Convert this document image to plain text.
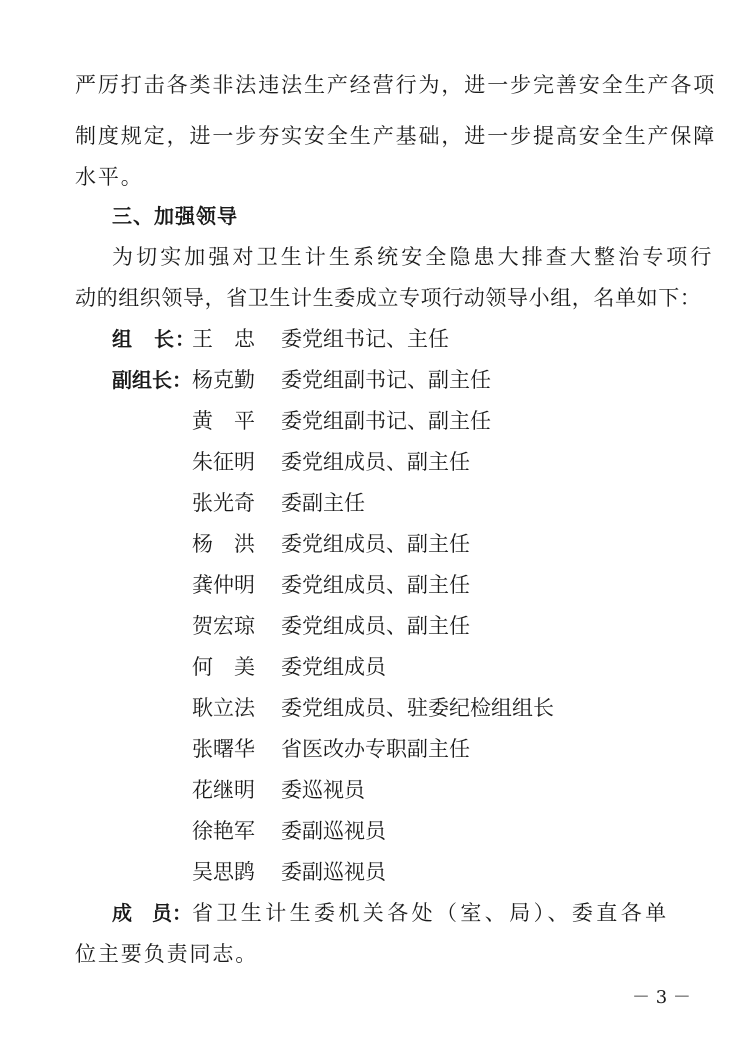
严厉打击各类非法违法生产经营行为，进一步完善安全生产各项
制度规定，进一步夯实安全生产基础，进一步提高安全生产保障
水平。
三、加强领导
为切实加强对卫生计生系统安全隐患大排查大整治专项行
动的组织领导，省卫生计生委成立专项行动领导小组，名单如下：
组　长：
王　忠 委党组书记、主任
副组长： 杨克勤 委党组副书记、副主任
黄　平 委党组副书记、副主任
朱征明 委党组成员、副主任
张光奇 委副主任
杨　洪 委党组成员、副主任
龚仲明 委党组成员、副主任
贺宏琼 委党组成员、副主任
何　美 委党组成员
耿立法 委党组成员、驻委纪检组组长
张曙华 省医改办专职副主任
花继明 委巡视员
徐艳军 委副巡视员
吴思鹍 委副巡视员
成　员： 省卫生计生委机关各处（室、局）、委直各单
位主要负责同志。
－ 3 －
